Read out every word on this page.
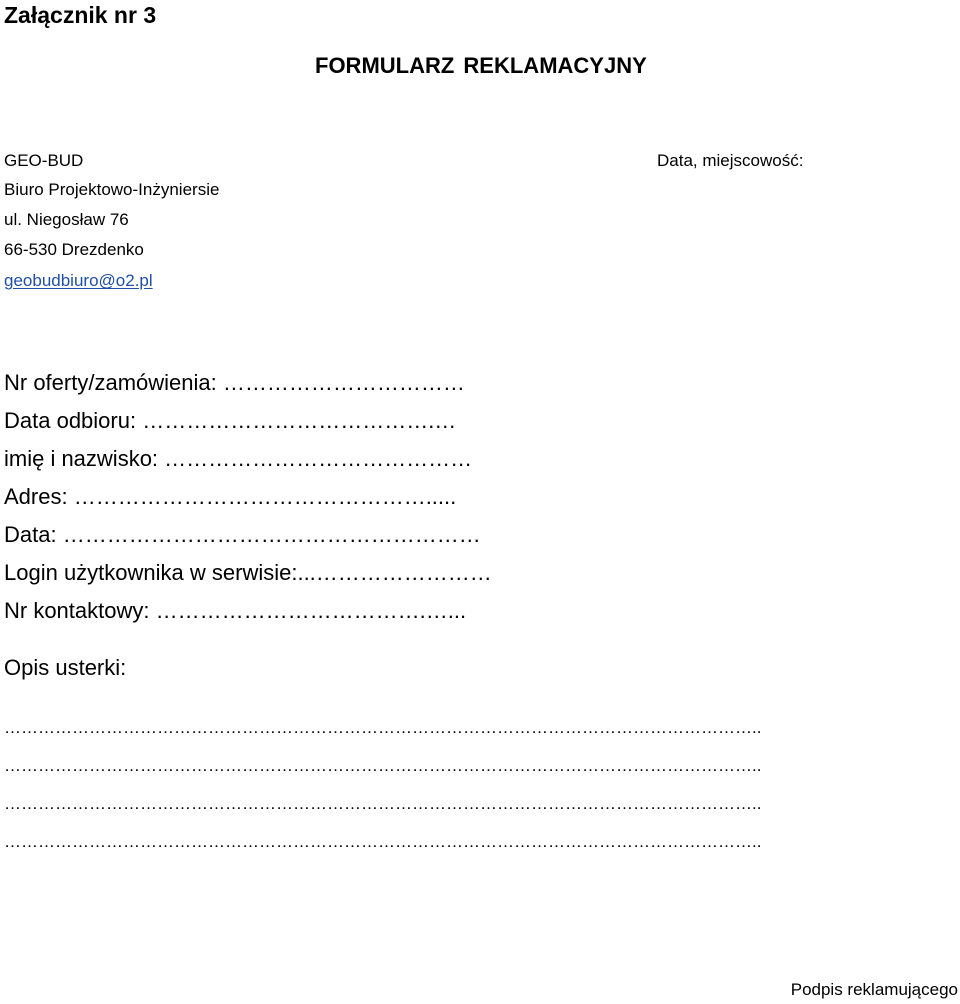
Załącznik nr 3
FORMULARZ REKLAMACYJNY
GEO-BUD
Biuro Projektowo-Inżyniersie
ul. Niegosław 76
66-530 Drezdenko
geobudbiuro@o2.pl
Data, miejscowość:
Nr oferty/zamówienia: ……………………………
Data odbioru: ………………………………….…
imię i nazwisko: ……………………………………
Adres: ………………………………………….....
Data: …………………………………………………
Login użytkownika w serwisie:...……………………
Nr kontaktowy: ……………………………….…...
Opis usterki:
……………………………………………………………………………………………………………………..
……………………………………………………………………………………………………………………..
……………………………………………………………………………………………………………………..
……………………………………………………………………………………………………………………..
Podpis reklamującego
